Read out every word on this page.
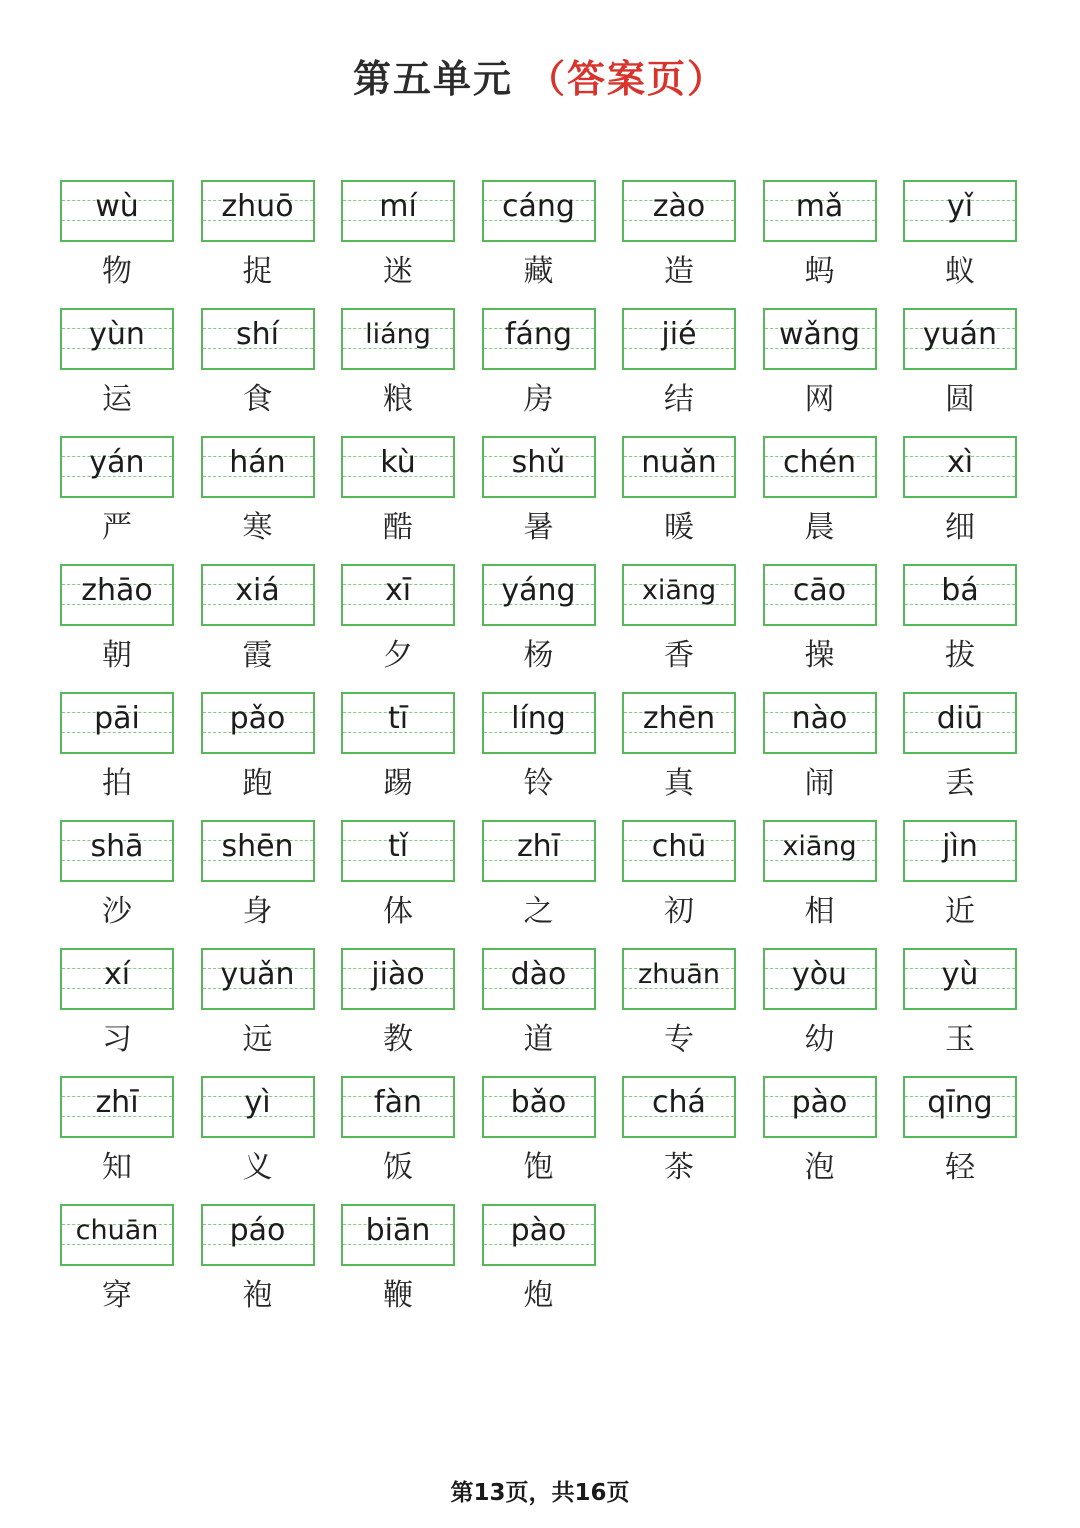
第五单元 （答案页）
wù
物
zhuō
捉
mí
迷
cáng
藏
zào
造
mǎ
蚂
yǐ
蚁
yùn
运
shí
食
liáng
粮
fáng
房
jié
结
wǎng
网
yuán
圆
yán
严
hán
寒
kù
酷
shǔ
暑
nuǎn
暖
chén
晨
xì
细
zhāo
朝
xiá
霞
xī
夕
yáng
杨
xiāng
香
cāo
操
bá
拔
pāi
拍
pǎo
跑
tī
踢
líng
铃
zhēn
真
nào
闹
diū
丢
shā
沙
shēn
身
tǐ
体
zhī
之
chū
初
xiāng
相
jìn
近
xí
习
yuǎn
远
jiào
教
dào
道
zhuān
专
yòu
幼
yù
玉
zhī
知
yì
义
fàn
饭
bǎo
饱
chá
茶
pào
泡
qīng
轻
chuān
穿
páo
袍
biān
鞭
pào
炮
第13页，共16页
